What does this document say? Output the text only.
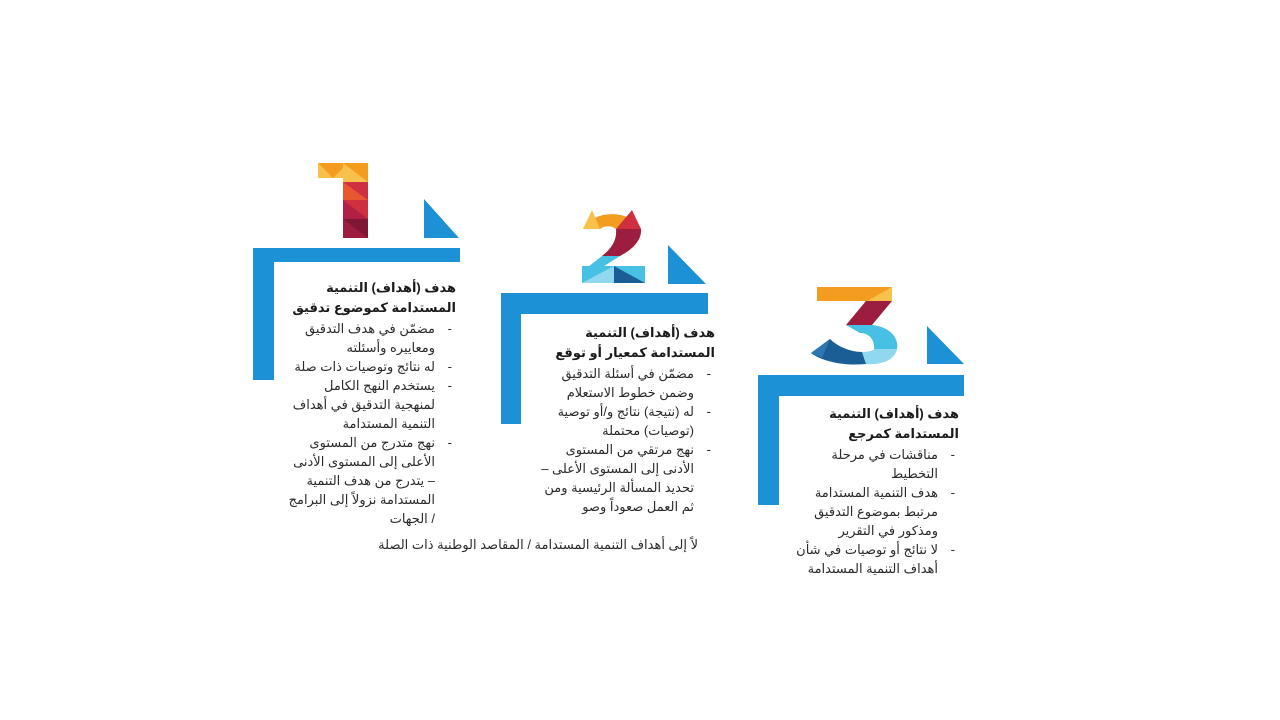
هدف (أهداف) التنمية المستدامة كموضوع تدقيق
- مضمّن في هدف التدقيق ومعاييره وأسئلته
- له نتائج وتوصيات ذات صلة
- يستخدم النهج الكامل لمنهجية التدقيق في أهداف التنمية المستدامة
- نهج متدرج من المستوى الأعلى إلى المستوى الأدنى – يتدرج من هدف التنمية المستدامة نزولاً إلى البرامج / الجهات
هدف (أهداف) التنمية المستدامة كمعيار أو توقع
- مضمّن في أسئلة التدقيق وضمن خطوط الاستعلام
- له (نتيجة) نتائج و/أو توصية (توصيات) محتملة
- نهج مرتقي من المستوى الأدنى إلى المستوى الأعلى – تحديد المسألة الرئيسية ومن ثم العمل صعوداً وصو
لاً إلى أهداف التنمية المستدامة / المقاصد الوطنية ذات الصلة
هدف (أهداف) التنمية المستدامة كمرجع
- مناقشات في مرحلة التخطيط
- هدف التنمية المستدامة مرتبط بموضوع التدقيق ومذكور في التقرير
- لا نتائج أو توصيات في شأن أهداف التنمية المستدامة
